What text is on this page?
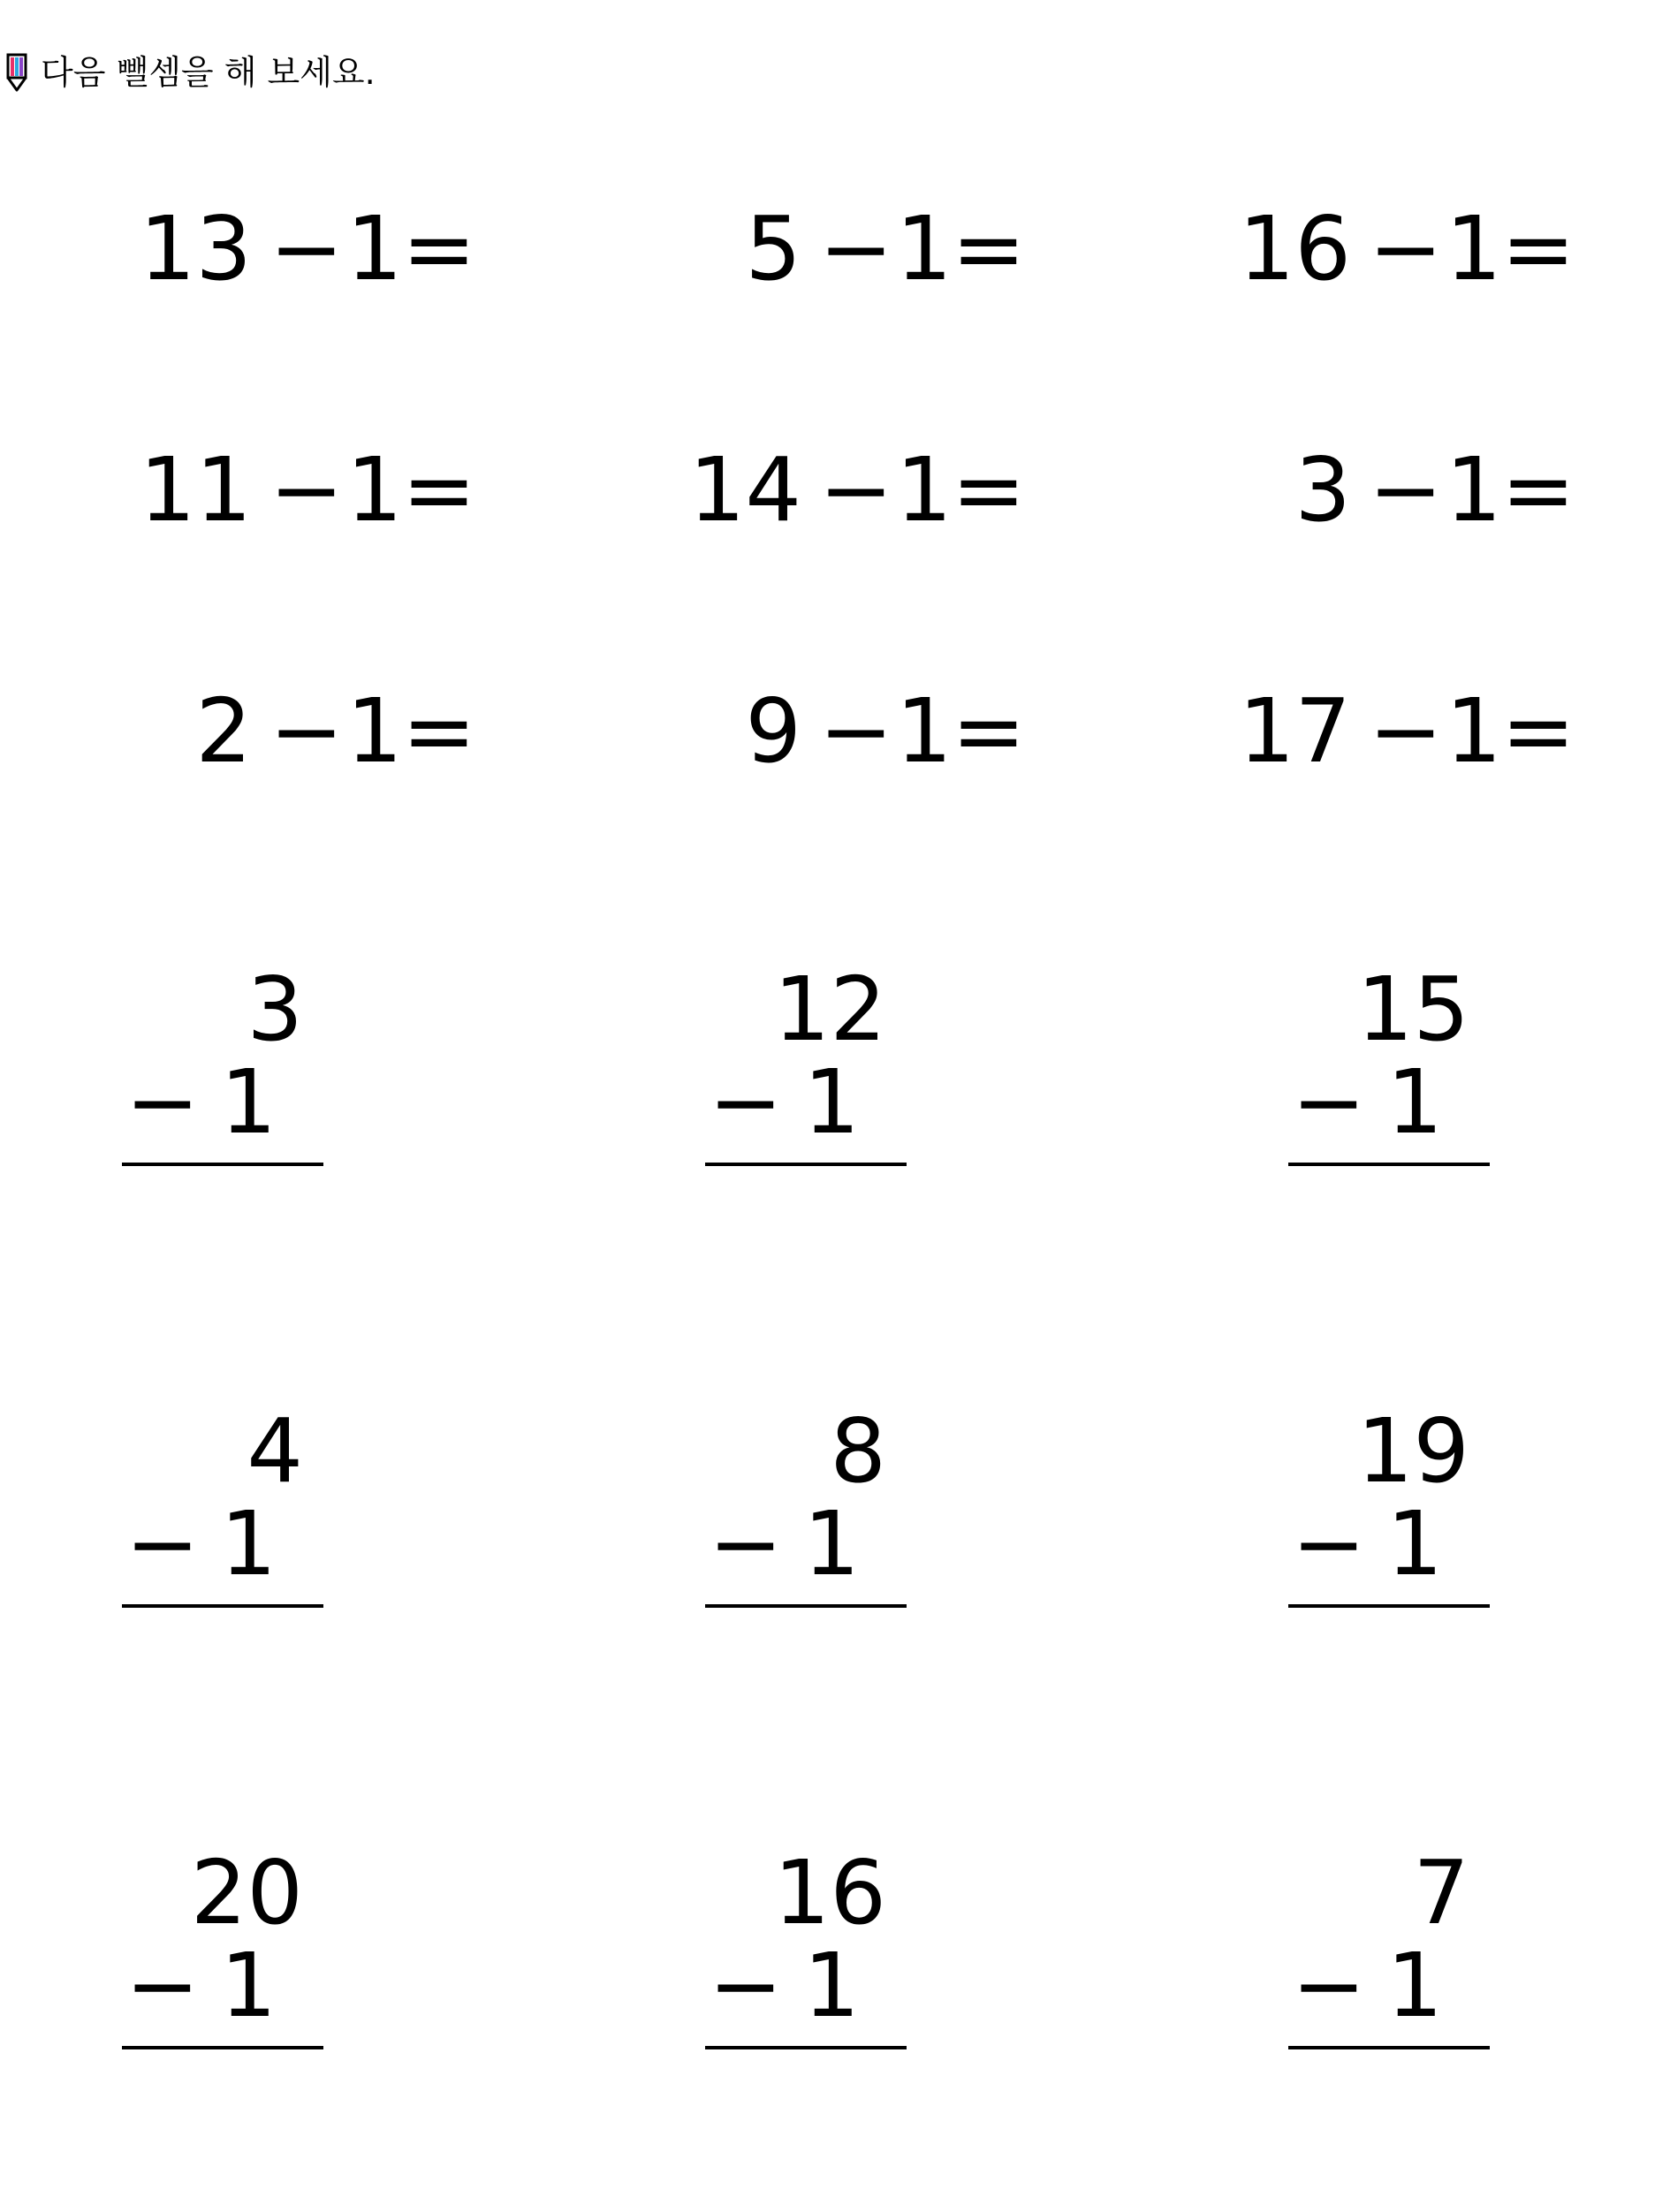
다음 뺄셈을 해 보세요.
13 − 1 =	5 − 1 = 16 − 1 =
11 − 1 = 14 − 1 =	3 − 1 =
2 − 1 =	9 − 1 = 17 − 1 =
3
− 1
12
− 1
15
− 1
4
− 1
8
− 1
19
− 1
20
− 1
16
− 1
7
− 1
